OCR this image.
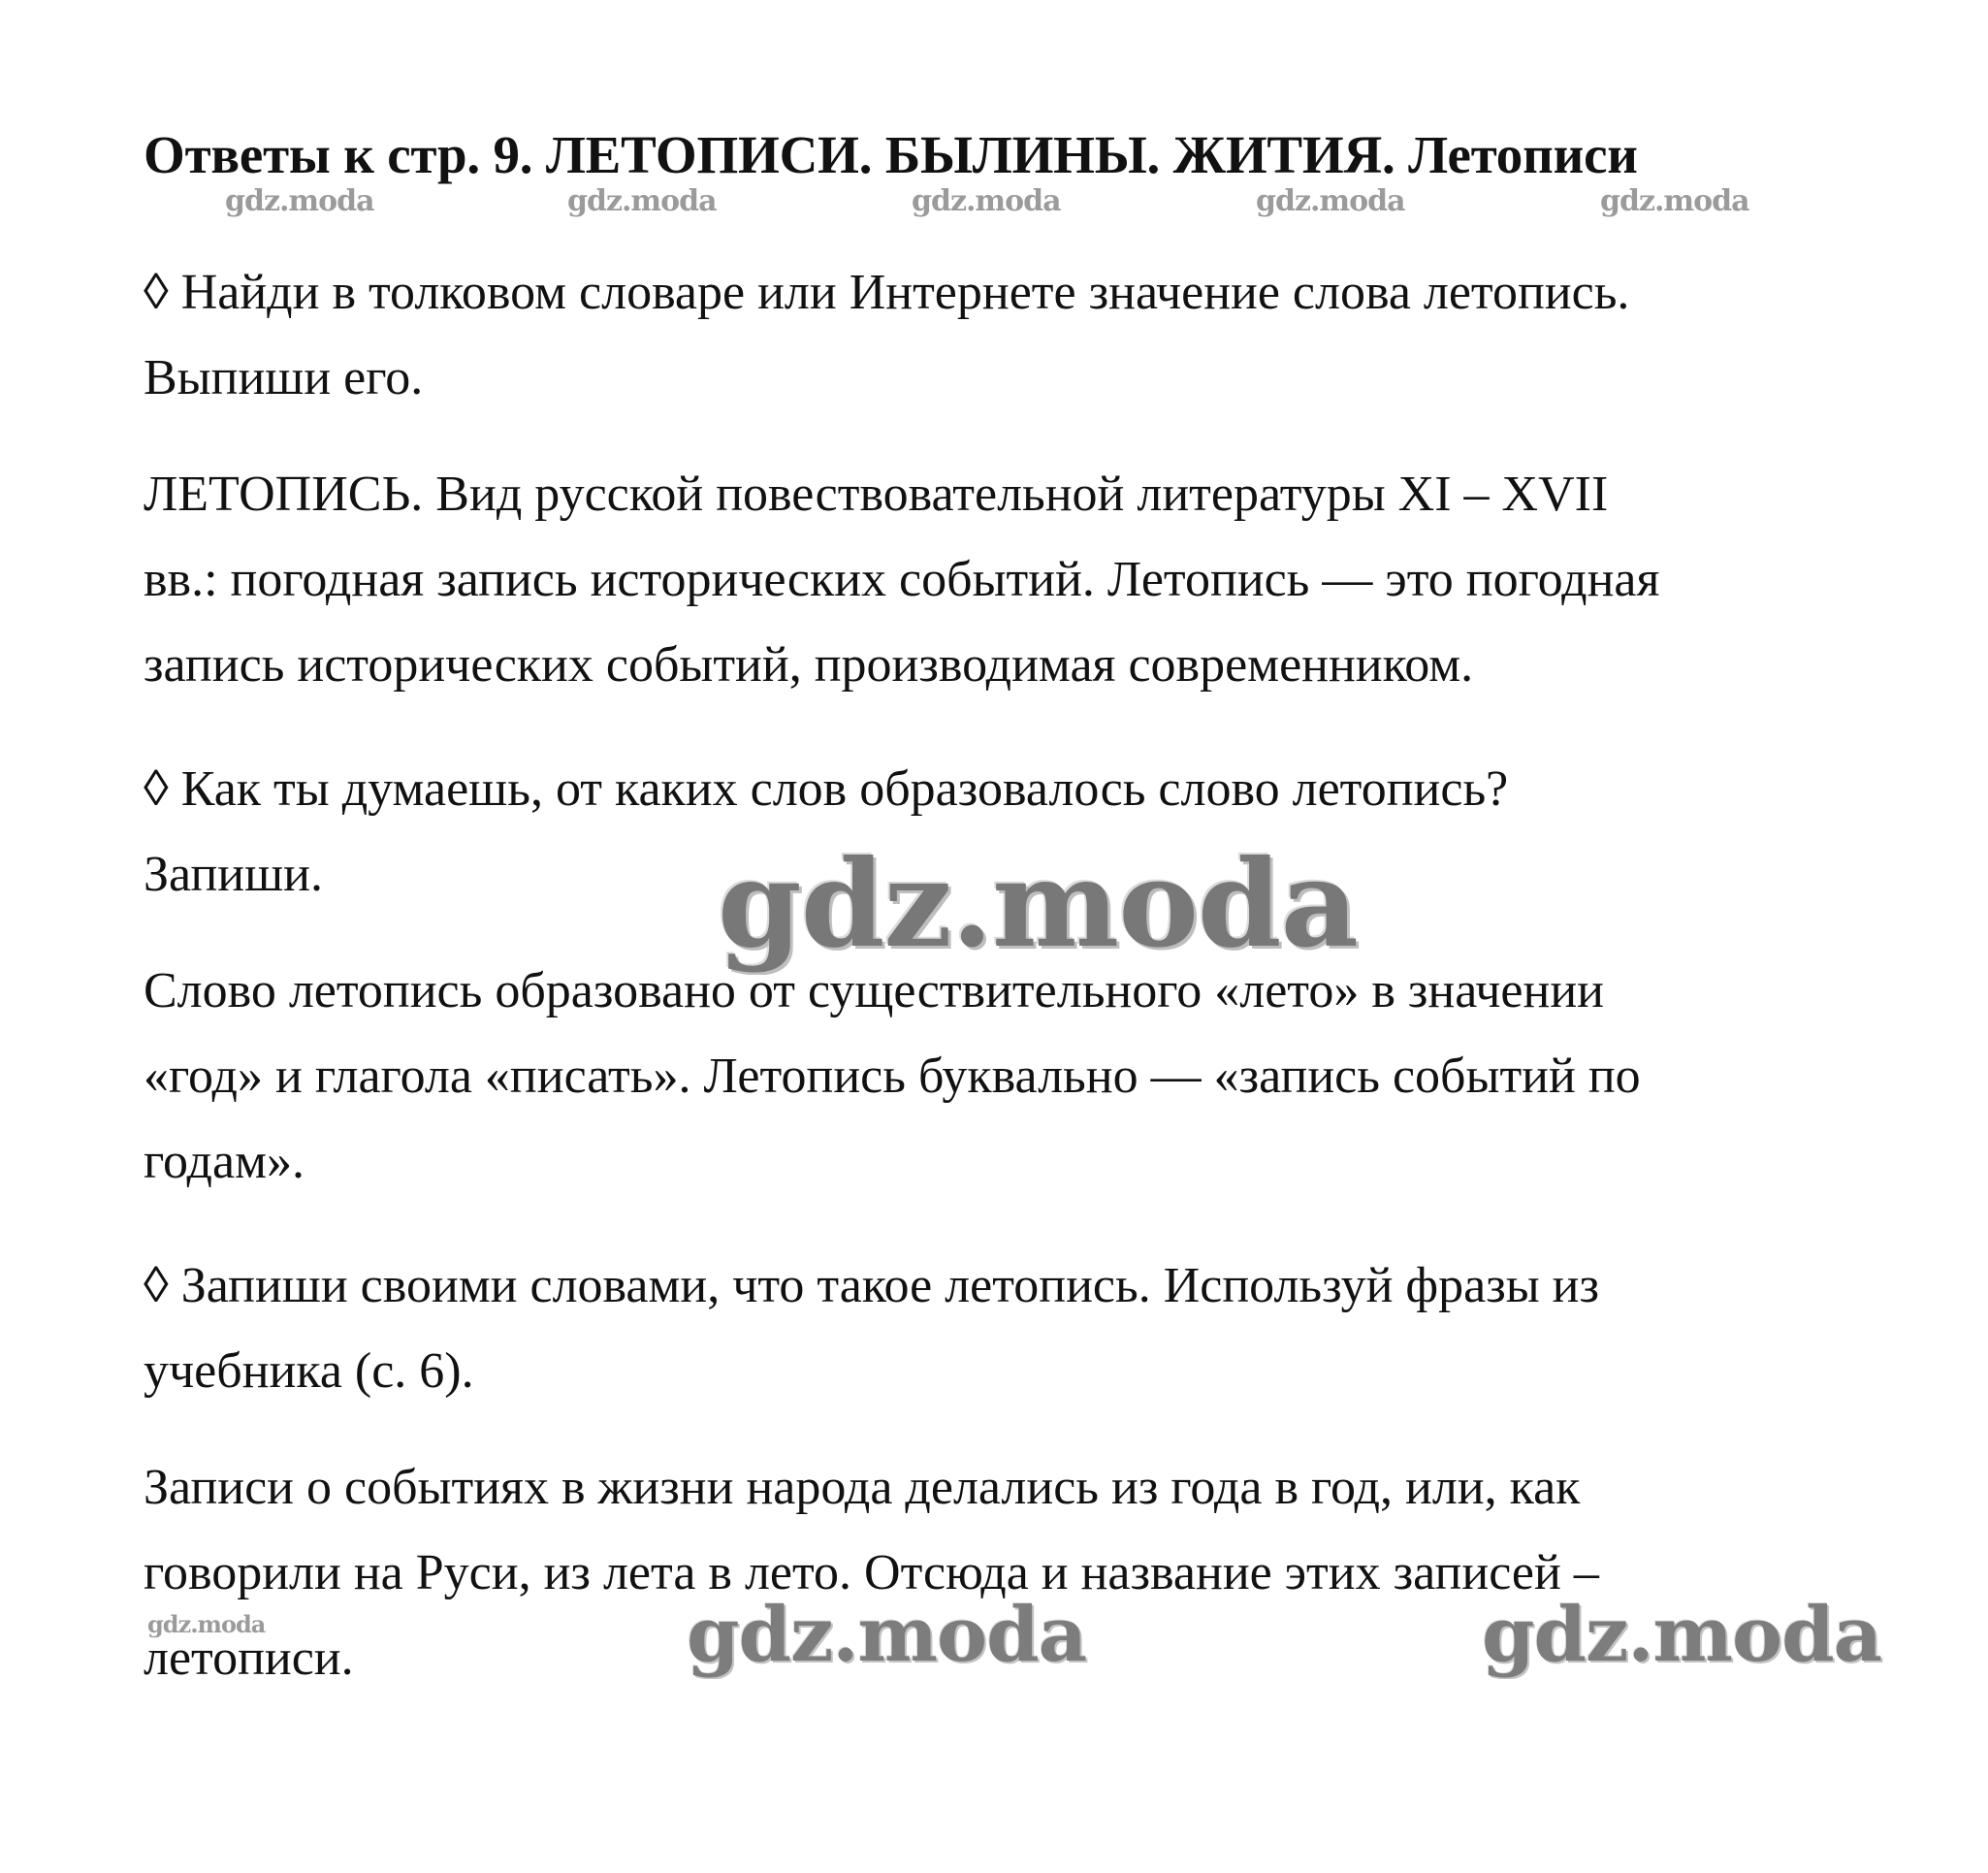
Ответы к стр. 9. ЛЕТОПИСИ. БЫЛИНЫ. ЖИТИЯ. Летописи
gdz.moda	gdz.moda	gdz.moda	gdz.moda	gdz.moda
◊ Найди в толковом словаре или Интернете значение слова летопись.
Выпиши его.
ЛЕТОПИСЬ. Вид русской повествовательной литературы XI – XVII
вв.: погодная запись исторических событий. Летопись — это погодная
запись исторических событий, производимая современником.
◊ Как ты думаешь, от каких слов образовалось слово летопись?
Запиши.	gdz.moda
Слово летопись образовано от существительного «лето» в значении
«год» и глагола «писать». Летопись буквально — «запись событий по
годам».
◊ Запиши своими словами, что такое летопись. Используй фразы из
учебника (с. 6).
Записи о событиях в жизни народа делались из года в год, или, как
говорили на Руси, из лета в лето. Отсюда и название этих записей –
летописи.
gdz.moda	gdz.moda	gdz.moda
